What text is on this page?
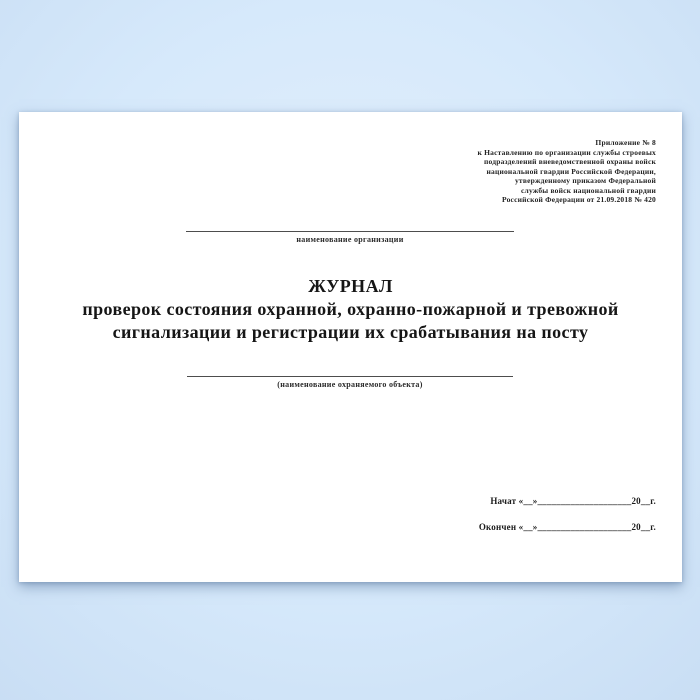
Приложение № 8
к Наставлению по организации службы строевых
подразделений вневедомственной охраны войск
национальной гвардии Российской Федерации,
утвержденному приказом Федеральной
службы войск национальной гвардии
Российской Федерации от 21.09.2018 № 420
наименование организации
ЖУРНАЛ
проверок состояния охранной, охранно-пожарной и тревожной
сигнализации и регистрации их срабатывания на посту
(наименование охраняемого объекта)
Начат «__»____________________20__г.
Окончен «__»____________________20__г.
